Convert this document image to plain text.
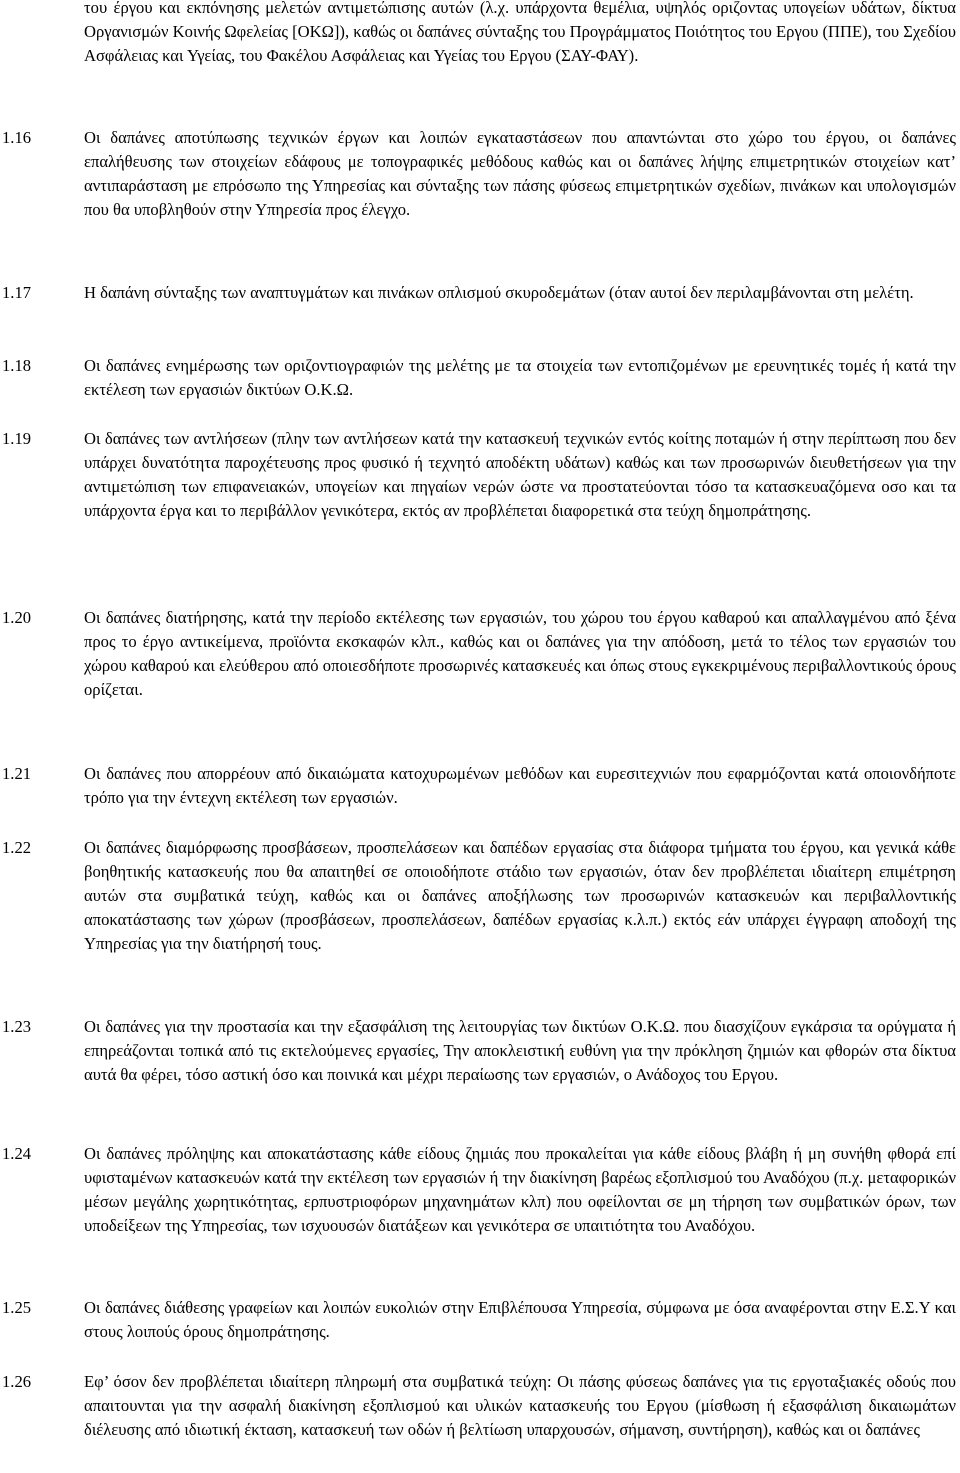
του έργου και εκπόνησης μελετών αντιμετώπισης αυτών (λ.χ. υπάρχοντα θεμέλια, υψηλός οριζοντας υπογείων υδάτων, δίκτυα Οργανισμών Κοινής Ωφελείας [ΟΚΩ]), καθώς οι δαπάνες σύνταξης του Προγράμματος Ποιότητος του Εργου (ΠΠΕ), του Σχεδίου Ασφάλειας και Υγείας, του Φακέλου Ασφάλειας και Υγείας του Εργου (ΣΑΥ-ΦΑΥ).

1.16	Οι δαπάνες αποτύπωσης τεχνικών έργων και λοιπών εγκαταστάσεων που απαντώνται στο χώρο του έργου, οι δαπάνες επαλήθευσης των στοιχείων εδάφους με τοπογραφικές μεθόδους καθώς και οι δαπάνες λήψης επιμετρητικών στοιχείων κατ’ αντιπαράσταση με επρόσωπο της Υπηρεσίας και σύνταξης των πάσης φύσεως επιμετρητικών σχεδίων, πινάκων και υπολογισμών που θα υποβληθούν στην Υπηρεσία προς έλεγχο.

1.17	Η δαπάνη σύνταξης των αναπτυγμάτων και πινάκων οπλισμού σκυροδεμάτων (όταν αυτοί δεν περιλαμβάνονται στη μελέτη.

1.18	Οι δαπάνες ενημέρωσης των οριζοντιογραφιών της μελέτης με τα στοιχεία των εντοπιζομένων με ερευνητικές τομές ή κατά την εκτέλεση των εργασιών δικτύων Ο.Κ.Ω.

1.19	Οι δαπάνες των αντλήσεων (πλην των αντλήσεων κατά την κατασκευή τεχνικών εντός κοίτης ποταμών ή στην περίπτωση που δεν υπάρχει δυνατότητα παροχέτευσης προς φυσικό ή τεχνητό αποδέκτη υδάτων) καθώς και των προσωρινών διευθετήσεων για την αντιμετώπιση των επιφανειακών, υπογείων και πηγαίων νερών ώστε να προστατεύονται τόσο τα κατασκευαζόμενα οσο και τα υπάρχοντα έργα και το περιβάλλον γενικότερα, εκτός αν προβλέπεται διαφορετικά στα τεύχη δημοπράτησης.

1.20	Οι δαπάνες διατήρησης, κατά την περίοδο εκτέλεσης των εργασιών, του χώρου του έργου καθαρού και απαλλαγμένου από ξένα προς το έργο αντικείμενα, προϊόντα εκσκαφών κλπ., καθώς και οι δαπάνες για την απόδοση, μετά το τέλος των εργασιών του χώρου καθαρού και ελεύθερου από οποιεσδήποτε προσωρινές κατασκευές και όπως στους εγκεκριμένους περιβαλλοντικούς όρους ορίζεται.

1.21	Οι δαπάνες που απορρέουν από δικαιώματα κατοχυρωμένων μεθόδων και ευρεσιτεχνιών που εφαρμόζονται κατά οποιονδήποτε τρόπο για την έντεχνη εκτέλεση των εργασιών.

1.22	Οι δαπάνες διαμόρφωσης προσβάσεων, προσπελάσεων και δαπέδων εργασίας στα διάφορα τμήματα του έργου, και γενικά κάθε βοηθητικής κατασκευής που θα απαιτηθεί σε οποιοδήποτε στάδιο των εργασιών, όταν δεν προβλέπεται ιδιαίτερη επιμέτρηση αυτών στα συμβατικά τεύχη, καθώς και οι δαπάνες αποξήλωσης των προσωρινών κατασκευών και περιβαλλοντικής αποκατάστασης των χώρων (προσβάσεων, προσπελάσεων, δαπέδων εργασίας κ.λ.π.) εκτός εάν υπάρχει έγγραφη αποδοχή της Υπηρεσίας για την διατήρησή τους.

1.23	Οι δαπάνες για την προστασία και την εξασφάλιση της λειτουργίας των δικτύων Ο.Κ.Ω. που διασχίζουν εγκάρσια τα ορύγματα ή επηρεάζονται τοπικά από τις εκτελούμενες εργασίες, Την αποκλειστική ευθύνη για την πρόκληση ζημιών και φθορών στα δίκτυα αυτά θα φέρει, τόσο αστική όσο και ποινικά και μέχρι περαίωσης των εργασιών, ο Ανάδοχος του Εργου.

1.24	Οι δαπάνες πρόληψης και αποκατάστασης κάθε είδους ζημιάς που προκαλείται για κάθε είδους βλάβη ή μη συνήθη φθορά επί υφισταμένων κατασκευών κατά την εκτέλεση των εργασιών ή την διακίνηση βαρέως εξοπλισμού του Αναδόχου (π.χ. μεταφορικών μέσων μεγάλης χωρητικότητας, ερπυστριοφόρων μηχανημάτων κλπ) που οφείλονται σε μη τήρηση των συμβατικών όρων, των υποδείξεων της Υπηρεσίας, των ισχυουσών διατάξεων και γενικότερα σε υπαιτιότητα του Αναδόχου.

1.25	Οι δαπάνες διάθεσης γραφείων και λοιπών ευκολιών στην Επιβλέπουσα Υπηρεσία, σύμφωνα με όσα αναφέρονται στην Ε.Σ.Υ και στους λοιπούς όρους δημοπράτησης.

1.26	Εφ’ όσον δεν προβλέπεται ιδιαίτερη πληρωμή στα συμβατικά τεύχη: Οι πάσης φύσεως δαπάνες για τις εργοταξιακές οδούς που απαιτουνται για την ασφαλή διακίνηση εξοπλισμού και υλικών κατασκευής του Εργου (μίσθωση ή εξασφάλιση δικαιωμάτων διέλευσης από ιδιωτική έκταση, κατασκευή των οδών ή βελτίωση υπαρχουσών, σήμανση, συντήρηση), καθώς και οι δαπάνες
